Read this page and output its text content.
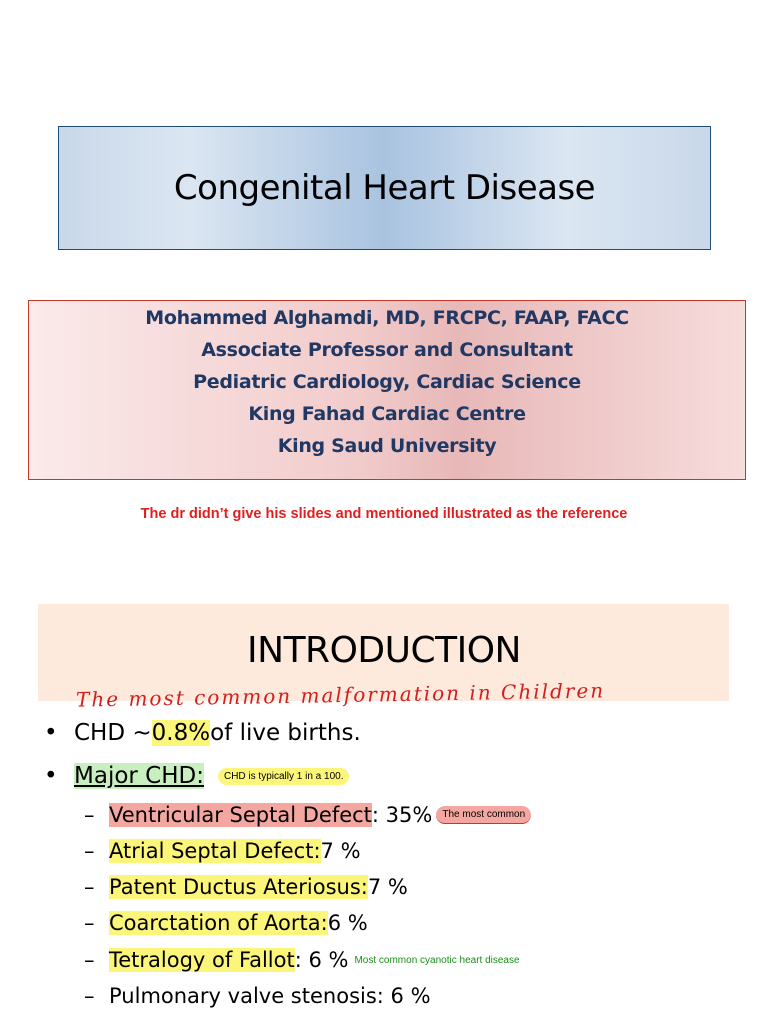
Congenital Heart Disease
Mohammed Alghamdi, MD, FRCPC, FAAP, FACC
Associate Professor and Consultant
Pediatric Cardiology, Cardiac Science
King Fahad Cardiac Centre
King Saud University
The dr didn’t give his slides and mentioned illustrated as the reference
INTRODUCTION
The most common malformation in Children
• CHD ~ 0.8% of live births.
• Major CHD:	CHD is typically 1 in a 100.
– Ventricular Septal Defect : 35%	The most common
– Atrial Septal Defect: 7 %
– Patent Ductus Ateriosus: 7 %
– Coarctation of Aorta: 6 %
– Tetralogy of Fallot : 6 % Most common cyanotic heart disease
– Pulmonary valve stenosis: 6 %
